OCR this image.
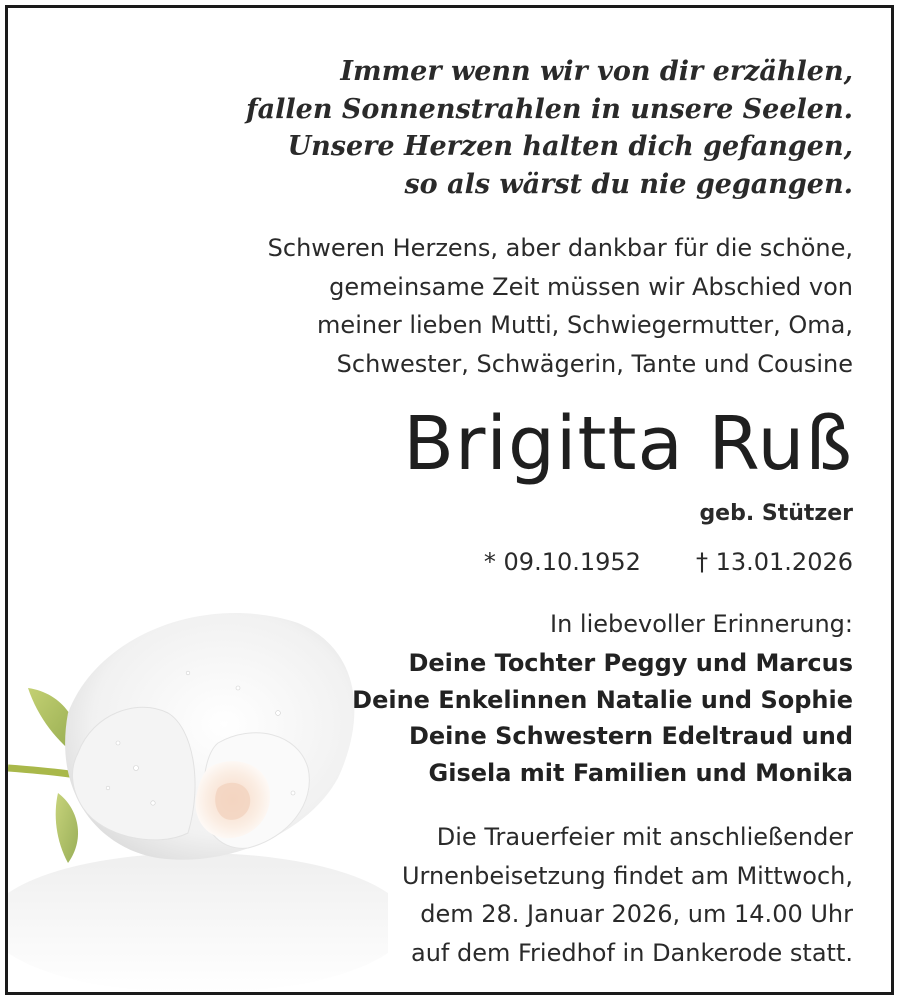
Immer wenn wir von dir erzählen,
fallen Sonnenstrahlen in unsere Seelen.
Unsere Herzen halten dich gefangen,
so als wärst du nie gegangen.
Schweren Herzens, aber dankbar für die schöne,
gemeinsame Zeit müssen wir Abschied von
meiner lieben Mutti, Schwiegermutter, Oma,
Schwester, Schwägerin, Tante und Cousine
Brigitta Ruß
geb. Stützer
* 09.10.1952 † 13.01.2026
In liebevoller Erinnerung:
Deine Tochter Peggy und Marcus
Deine Enkelinnen Natalie und Sophie
Deine Schwestern Edeltraud und
Gisela mit Familien und Monika
Die Trauerfeier mit anschließender
Urnenbeisetzung findet am Mittwoch,
dem 28. Januar 2026, um 14.00 Uhr
auf dem Friedhof in Dankerode statt.
